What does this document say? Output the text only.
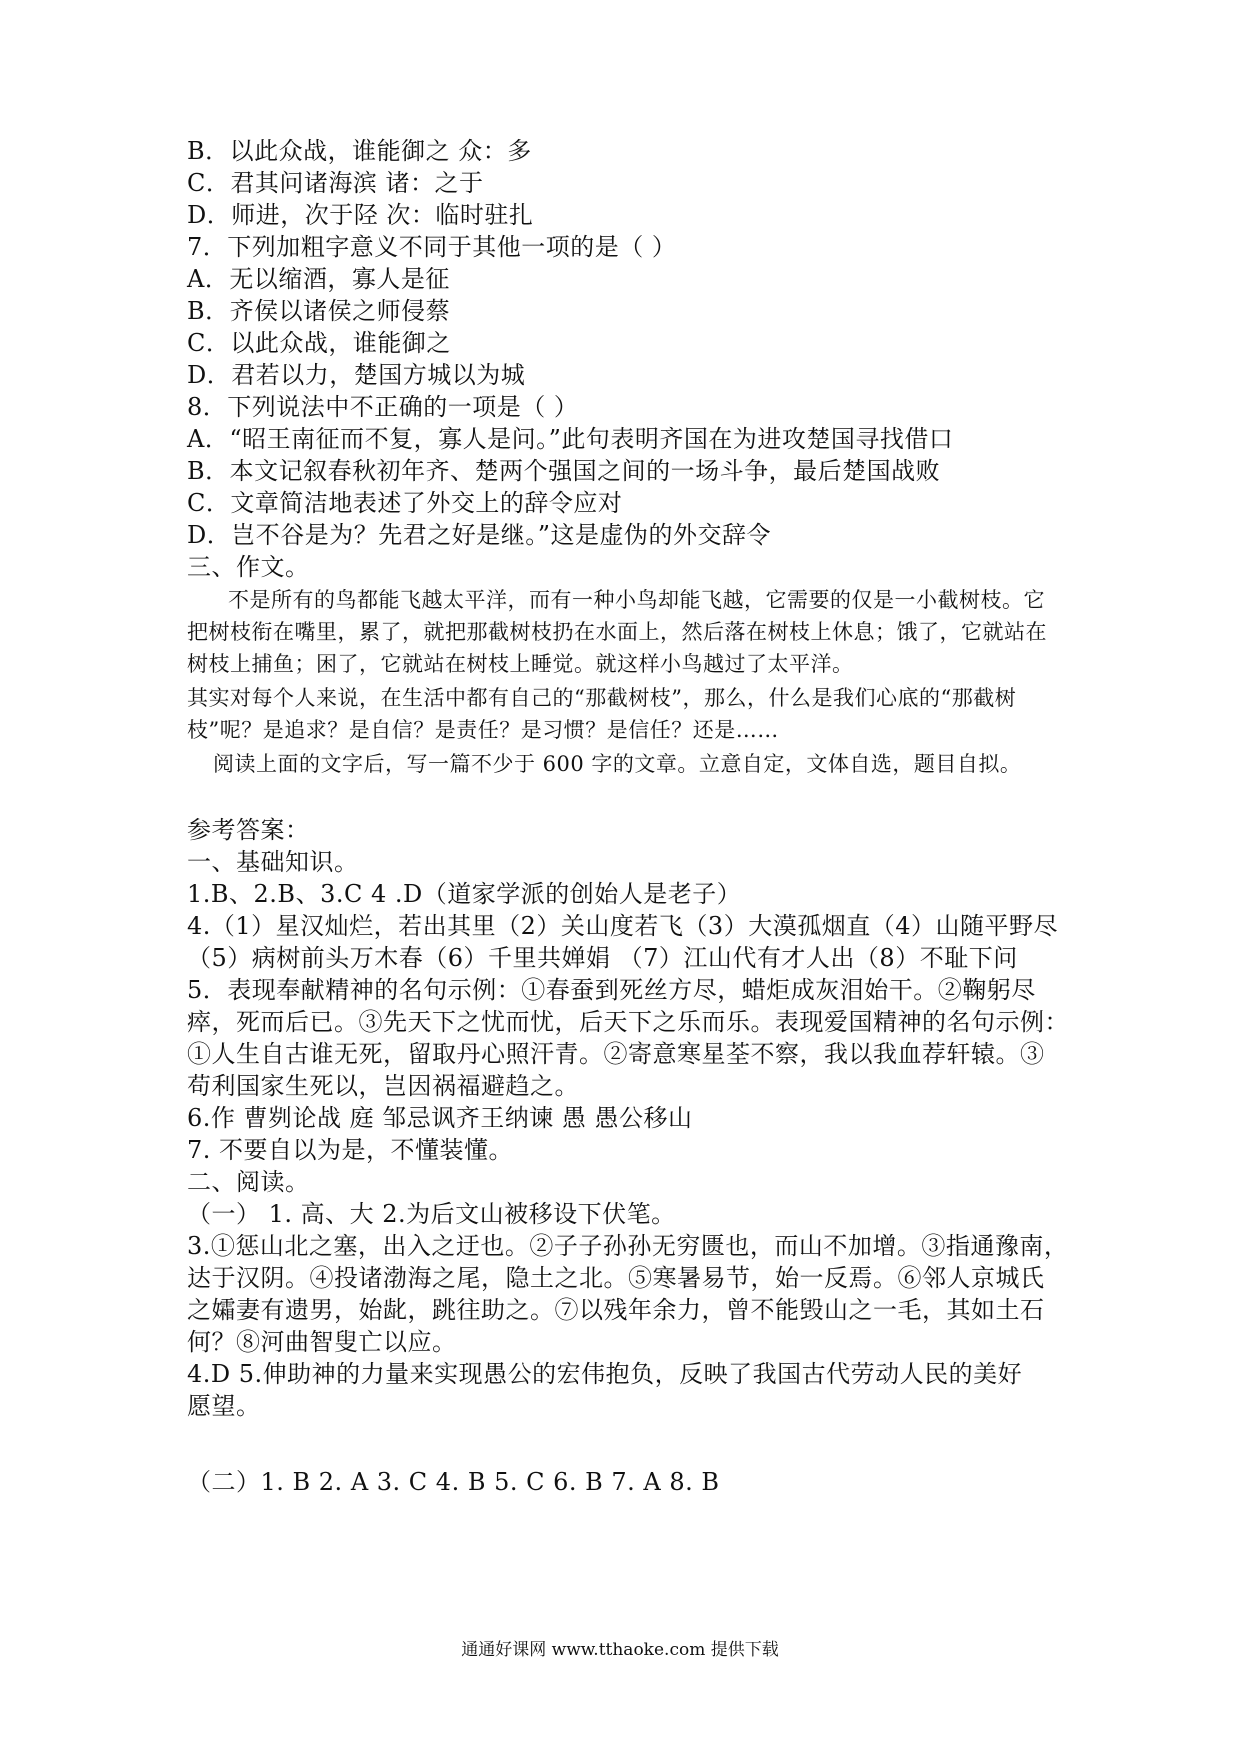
B．以此众战，谁能御之 众：多
C．君其问诸海滨 诸：之于
D．师进，次于陉 次：临时驻扎
7．下列加粗字意义不同于其他一项的是（ ）
A．无以缩酒，寡人是征
B．齐侯以诸侯之师侵蔡
C．以此众战，谁能御之
D．君若以力，楚国方城以为城
8．下列说法中不正确的一项是（ ）
A．“昭王南征而不复，寡人是问。”此句表明齐国在为进攻楚国寻找借口
B．本文记叙春秋初年齐、楚两个强国之间的一场斗争，最后楚国战败
C．文章简洁地表述了外交上的辞令应对
D．岂不谷是为？先君之好是继。”这是虚伪的外交辞令
三、作文。
不是所有的鸟都能飞越太平洋，而有一种小鸟却能飞越，它需要的仅是一小截树枝。它
把树枝衔在嘴里，累了，就把那截树枝扔在水面上，然后落在树枝上休息；饿了，它就站在
树枝上捕鱼；困了，它就站在树枝上睡觉。就这样小鸟越过了太平洋。
其实对每个人来说，在生活中都有自己的“那截树枝”，那么，什么是我们心底的“那截树
枝”呢？是追求？是自信？是责任？是习惯？是信任？还是……
阅读上面的文字后，写一篇不少于 600 字的文章。立意自定，文体自选，题目自拟。
参考答案：
一、基础知识。
1.B、2.B、3.C 4 .D（道家学派的创始人是老子）
4.（1）星汉灿烂，若出其里（2）关山度若飞（3）大漠孤烟直（4）山随平野尽
（5）病树前头万木春（6）千里共婵娟 （7）江山代有才人出（8）不耻下问
5．表现奉献精神的名句示例：①春蚕到死丝方尽，蜡炬成灰泪始干。②鞠躬尽
瘁，死而后已。③先天下之忧而忧，后天下之乐而乐。表现爱国精神的名句示例：
①人生自古谁无死，留取丹心照汗青。②寄意寒星荃不察，我以我血荐轩辕。③
苟利国家生死以，岂因祸福避趋之。
6.作 曹刿论战 庭 邹忌讽齐王纳谏 愚 愚公移山
7. 不要自以为是，不懂装懂。
二、阅读。
（一） 1. 高、大 2.为后文山被移设下伏笔。
3.①惩山北之塞，出入之迂也。②子子孙孙无穷匮也，而山不加增。③指通豫南，
达于汉阴。④投诸渤海之尾，隐土之北。⑤寒暑易节，始一反焉。⑥邻人京城氏
之孀妻有遗男，始龀，跳往助之。⑦以残年余力，曾不能毁山之一毛，其如土石
何？⑧河曲智叟亡以应。
4.D 5.伸助神的力量来实现愚公的宏伟抱负，反映了我国古代劳动人民的美好
愿望。
（二）1. B 2. A 3. C 4. B 5. C 6. B 7. A 8. B
通通好课网 www.tthaoke.com 提供下载
